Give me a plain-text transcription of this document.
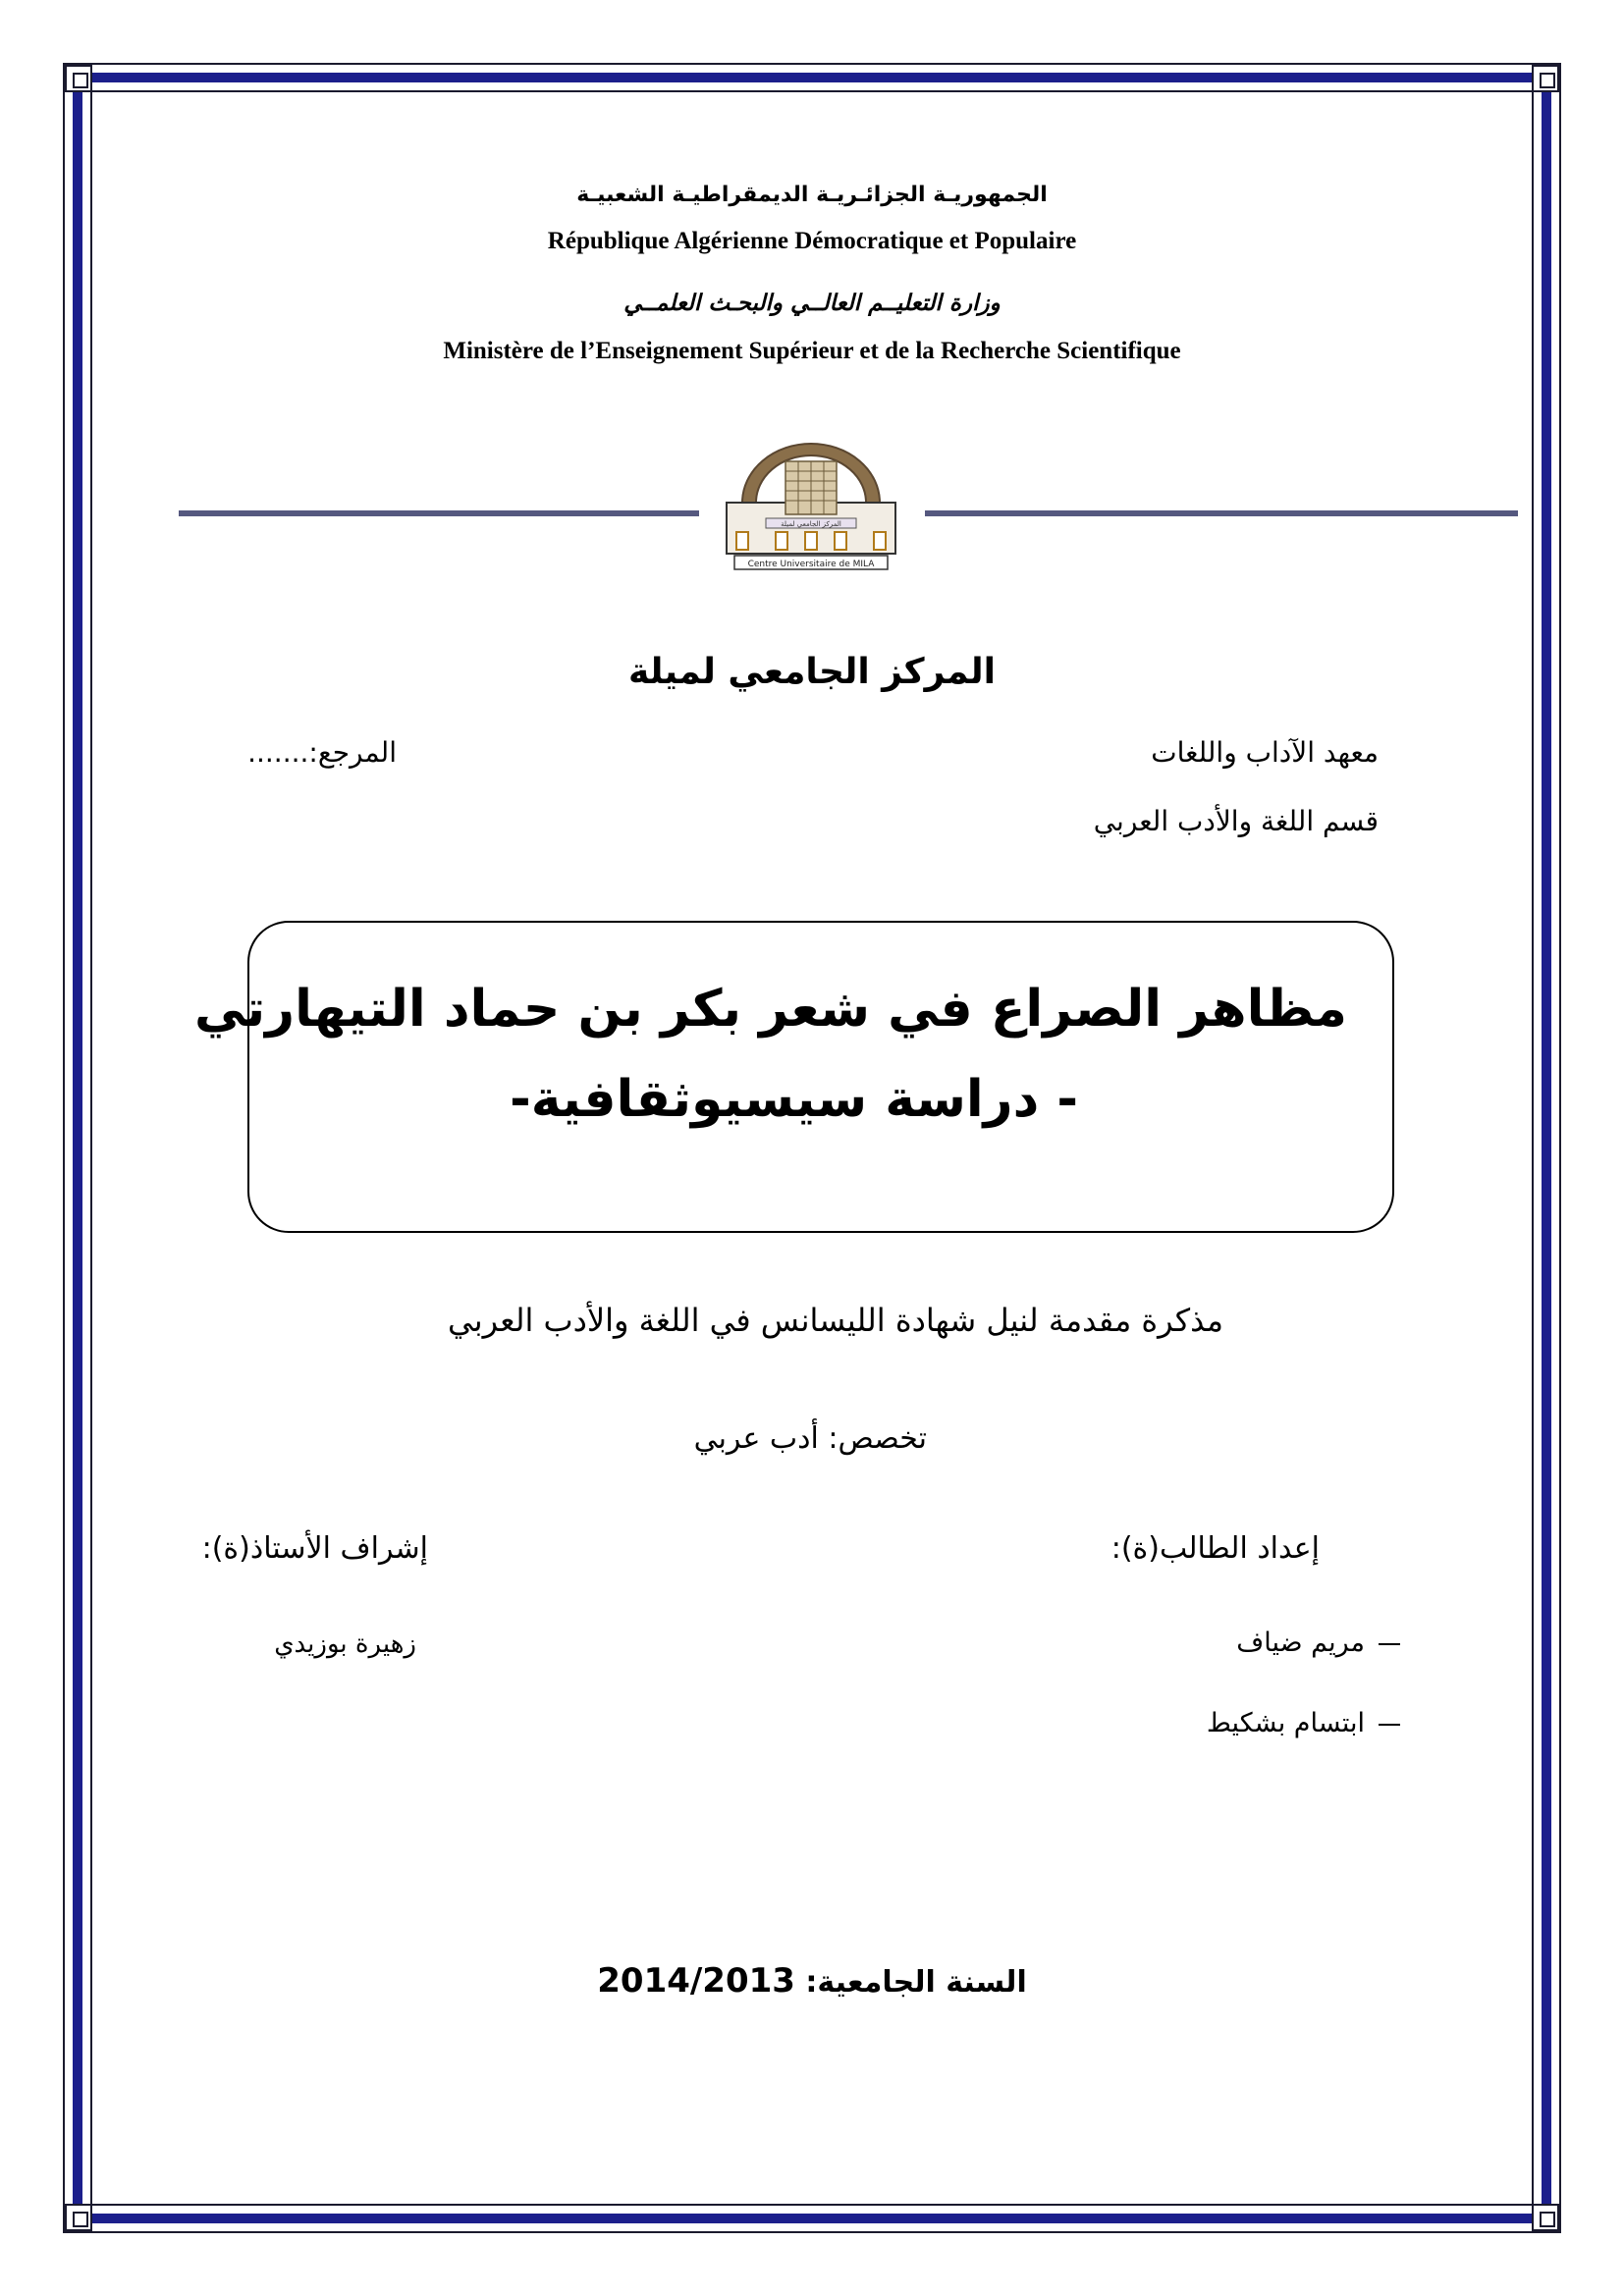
الجمهوريـة الجزائـريـة الديمقراطيـة الشعبيـة
République Algérienne Démocratique et Populaire
وزارة التعليــم العالــي والبحـث العلمــي
Ministère de l’Enseignement Supérieur et de la Recherche Scientifique
المركز الجامعي لميلة
Centre Universitaire de MILA
المركز الجامعي لميلة
معهد الآداب واللغات
المرجع:.......
قسم اللغة والأدب العربي
مظاهر الصراع في شعر بكر بن حماد التيهارتي
- دراسة سيسيوثقافية-
مذكرة مقدمة لنيل شهادة الليسانس في اللغة والأدب العربي
تخصص: أدب عربي
إعداد الطالب(ة):
إشراف الأستاذ(ة):
مريم ضياف
ابتسام بشكيط
زهيرة بوزيدي
السنة الجامعية: 2014/2013
